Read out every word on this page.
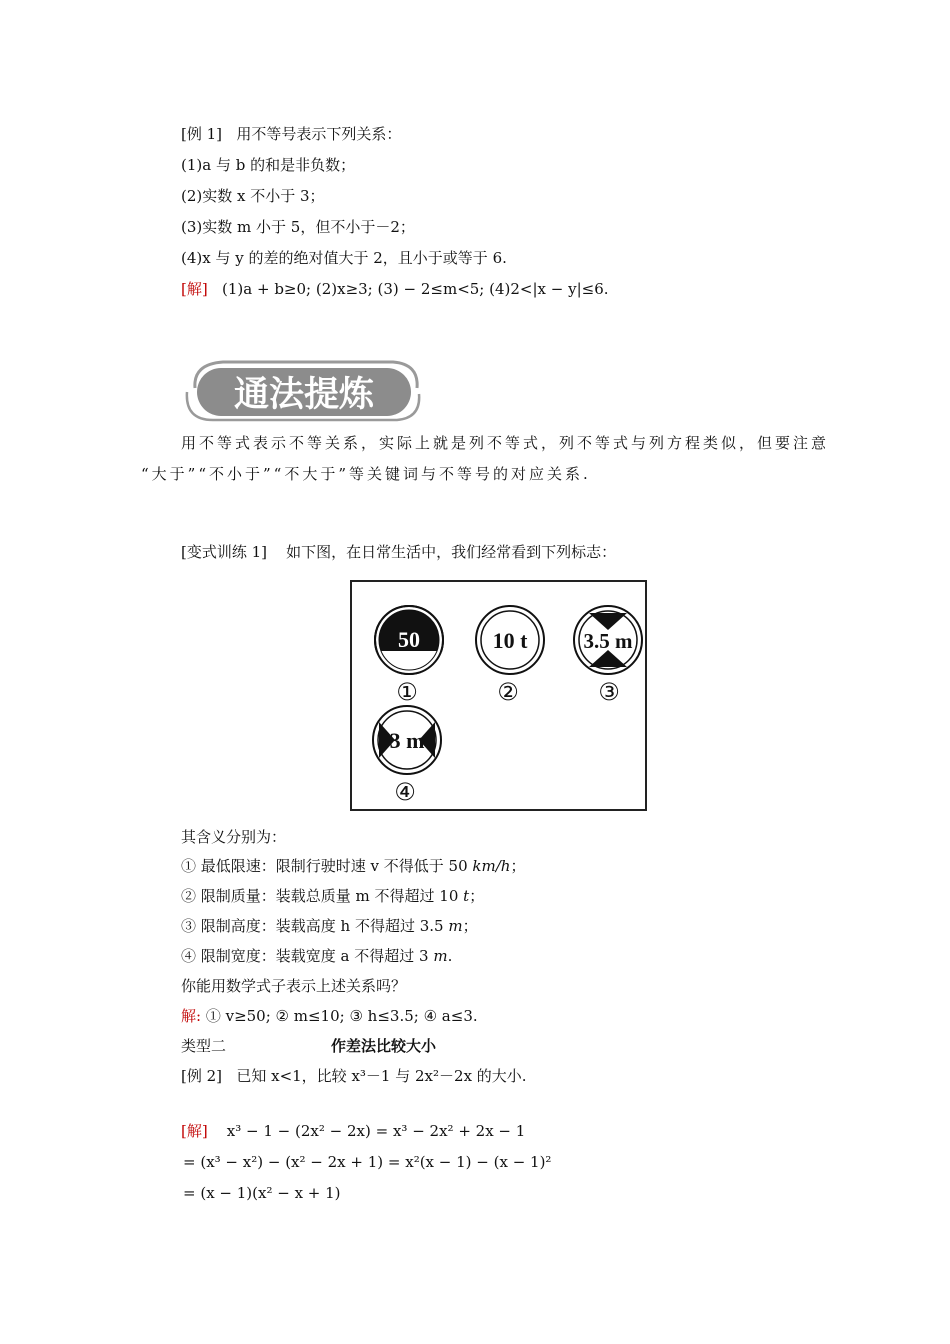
[例 1] 用不等号表示下列关系：
(1)a 与 b 的和是非负数；
(2)实数 x 不小于 3；
(3)实数 m 小于 5，但不小于－2；
(4)x 与 y 的差的绝对值大于 2，且小于或等于 6.
[解] (1)a + b≥0; (2)x≥3; (3) − 2≤m<5; (4)2<|x − y|≤6.
通法提炼
用不等式表示不等关系，实际上就是列不等式，列不等式与列方程类似，但要注意
“大于”“不小于”“不大于”等关键词与不等号的对应关系.
[变式训练 1] 如下图，在日常生活中，我们经常看到下列标志：
50
①
10 t
②
3.5 m
③
3 m
④
其含义分别为：
① 最低限速：限制行驶时速 v 不得低于 50 km/h；
② 限制质量：装载总质量 m 不得超过 10 t；
③ 限制高度：装载高度 h 不得超过 3.5 m；
④ 限制宽度：装载宽度 a 不得超过 3 m.
你能用数学式子表示上述关系吗？
解: ① v≥50; ② m≤10; ③ h≤3.5; ④ a≤3.
类型二	作差法比较大小
[例 2] 已知 x<1，比较 x³－1 与 2x²－2x 的大小.
[解] x³ − 1 − (2x² − 2x) = x³ − 2x² + 2x − 1
= (x³ − x²) − (x² − 2x + 1) = x²(x − 1) − (x − 1)²
= (x − 1)(x² − x + 1)
